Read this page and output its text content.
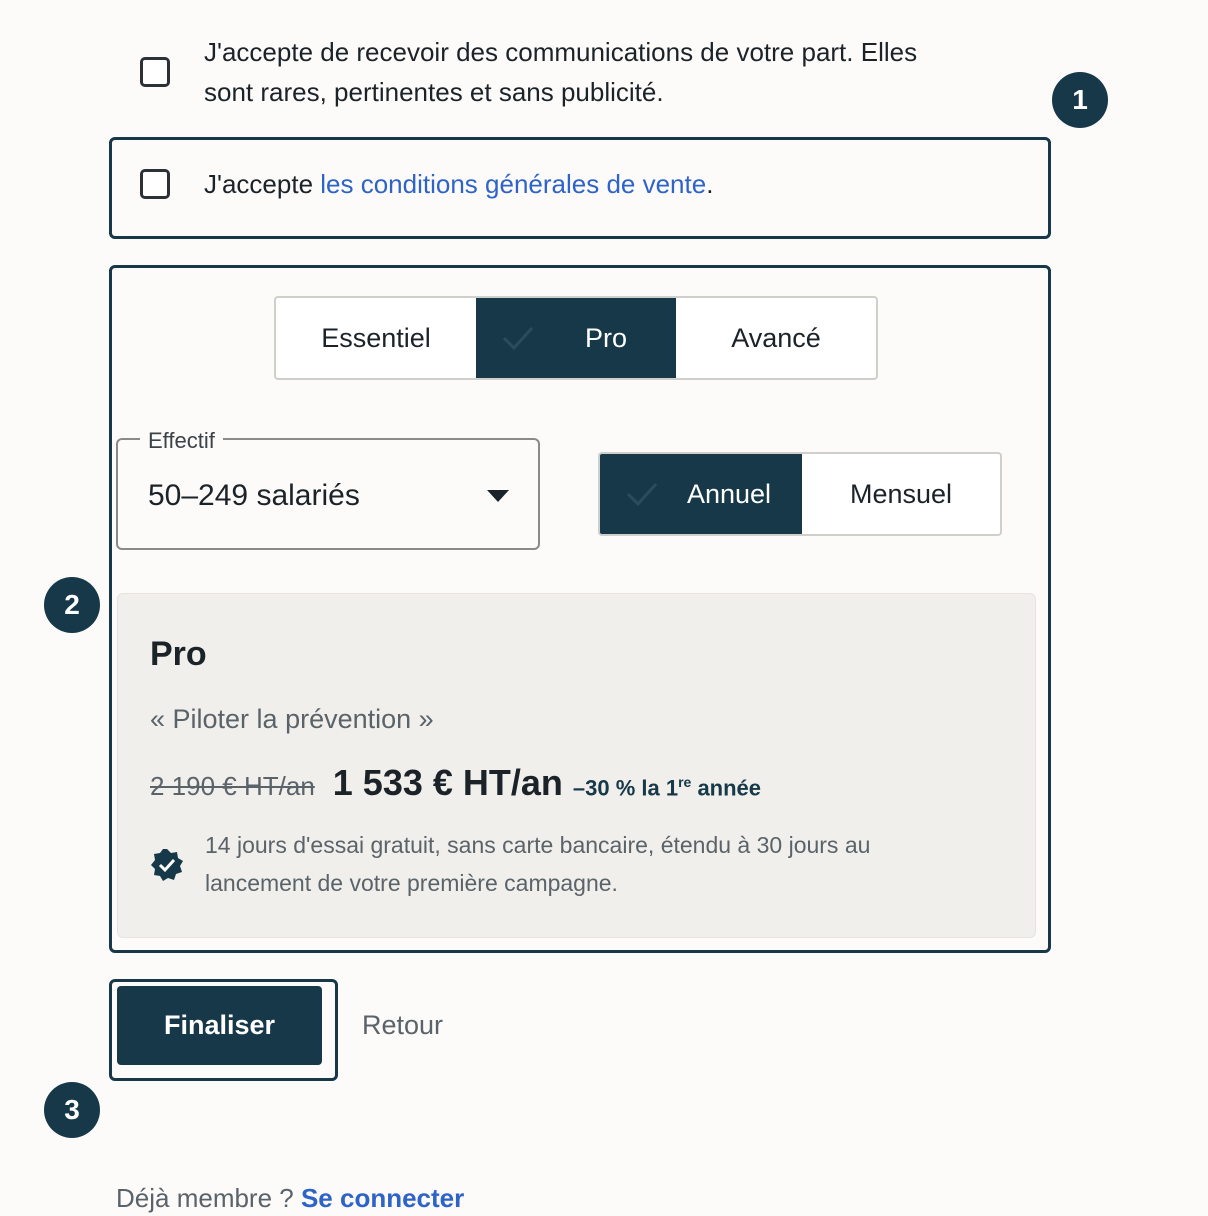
J'accepte de recevoir des communications de votre part. Elles
sont rares, pertinentes et sans publicité.	1
J'accepte les conditions générales de vente.
Essentiel	Pro	Avancé
Effectif
50–249 salariés	Annuel	Mensuel
2
Pro
« Piloter la prévention »
2 190 € HT/an 1 533 € HT/an –30 % la 1re année
14 jours d'essai gratuit, sans carte bancaire, étendu à 30 jours au
lancement de votre première campagne.
Finaliser	Retour
3
Déjà membre ? Se connecter
